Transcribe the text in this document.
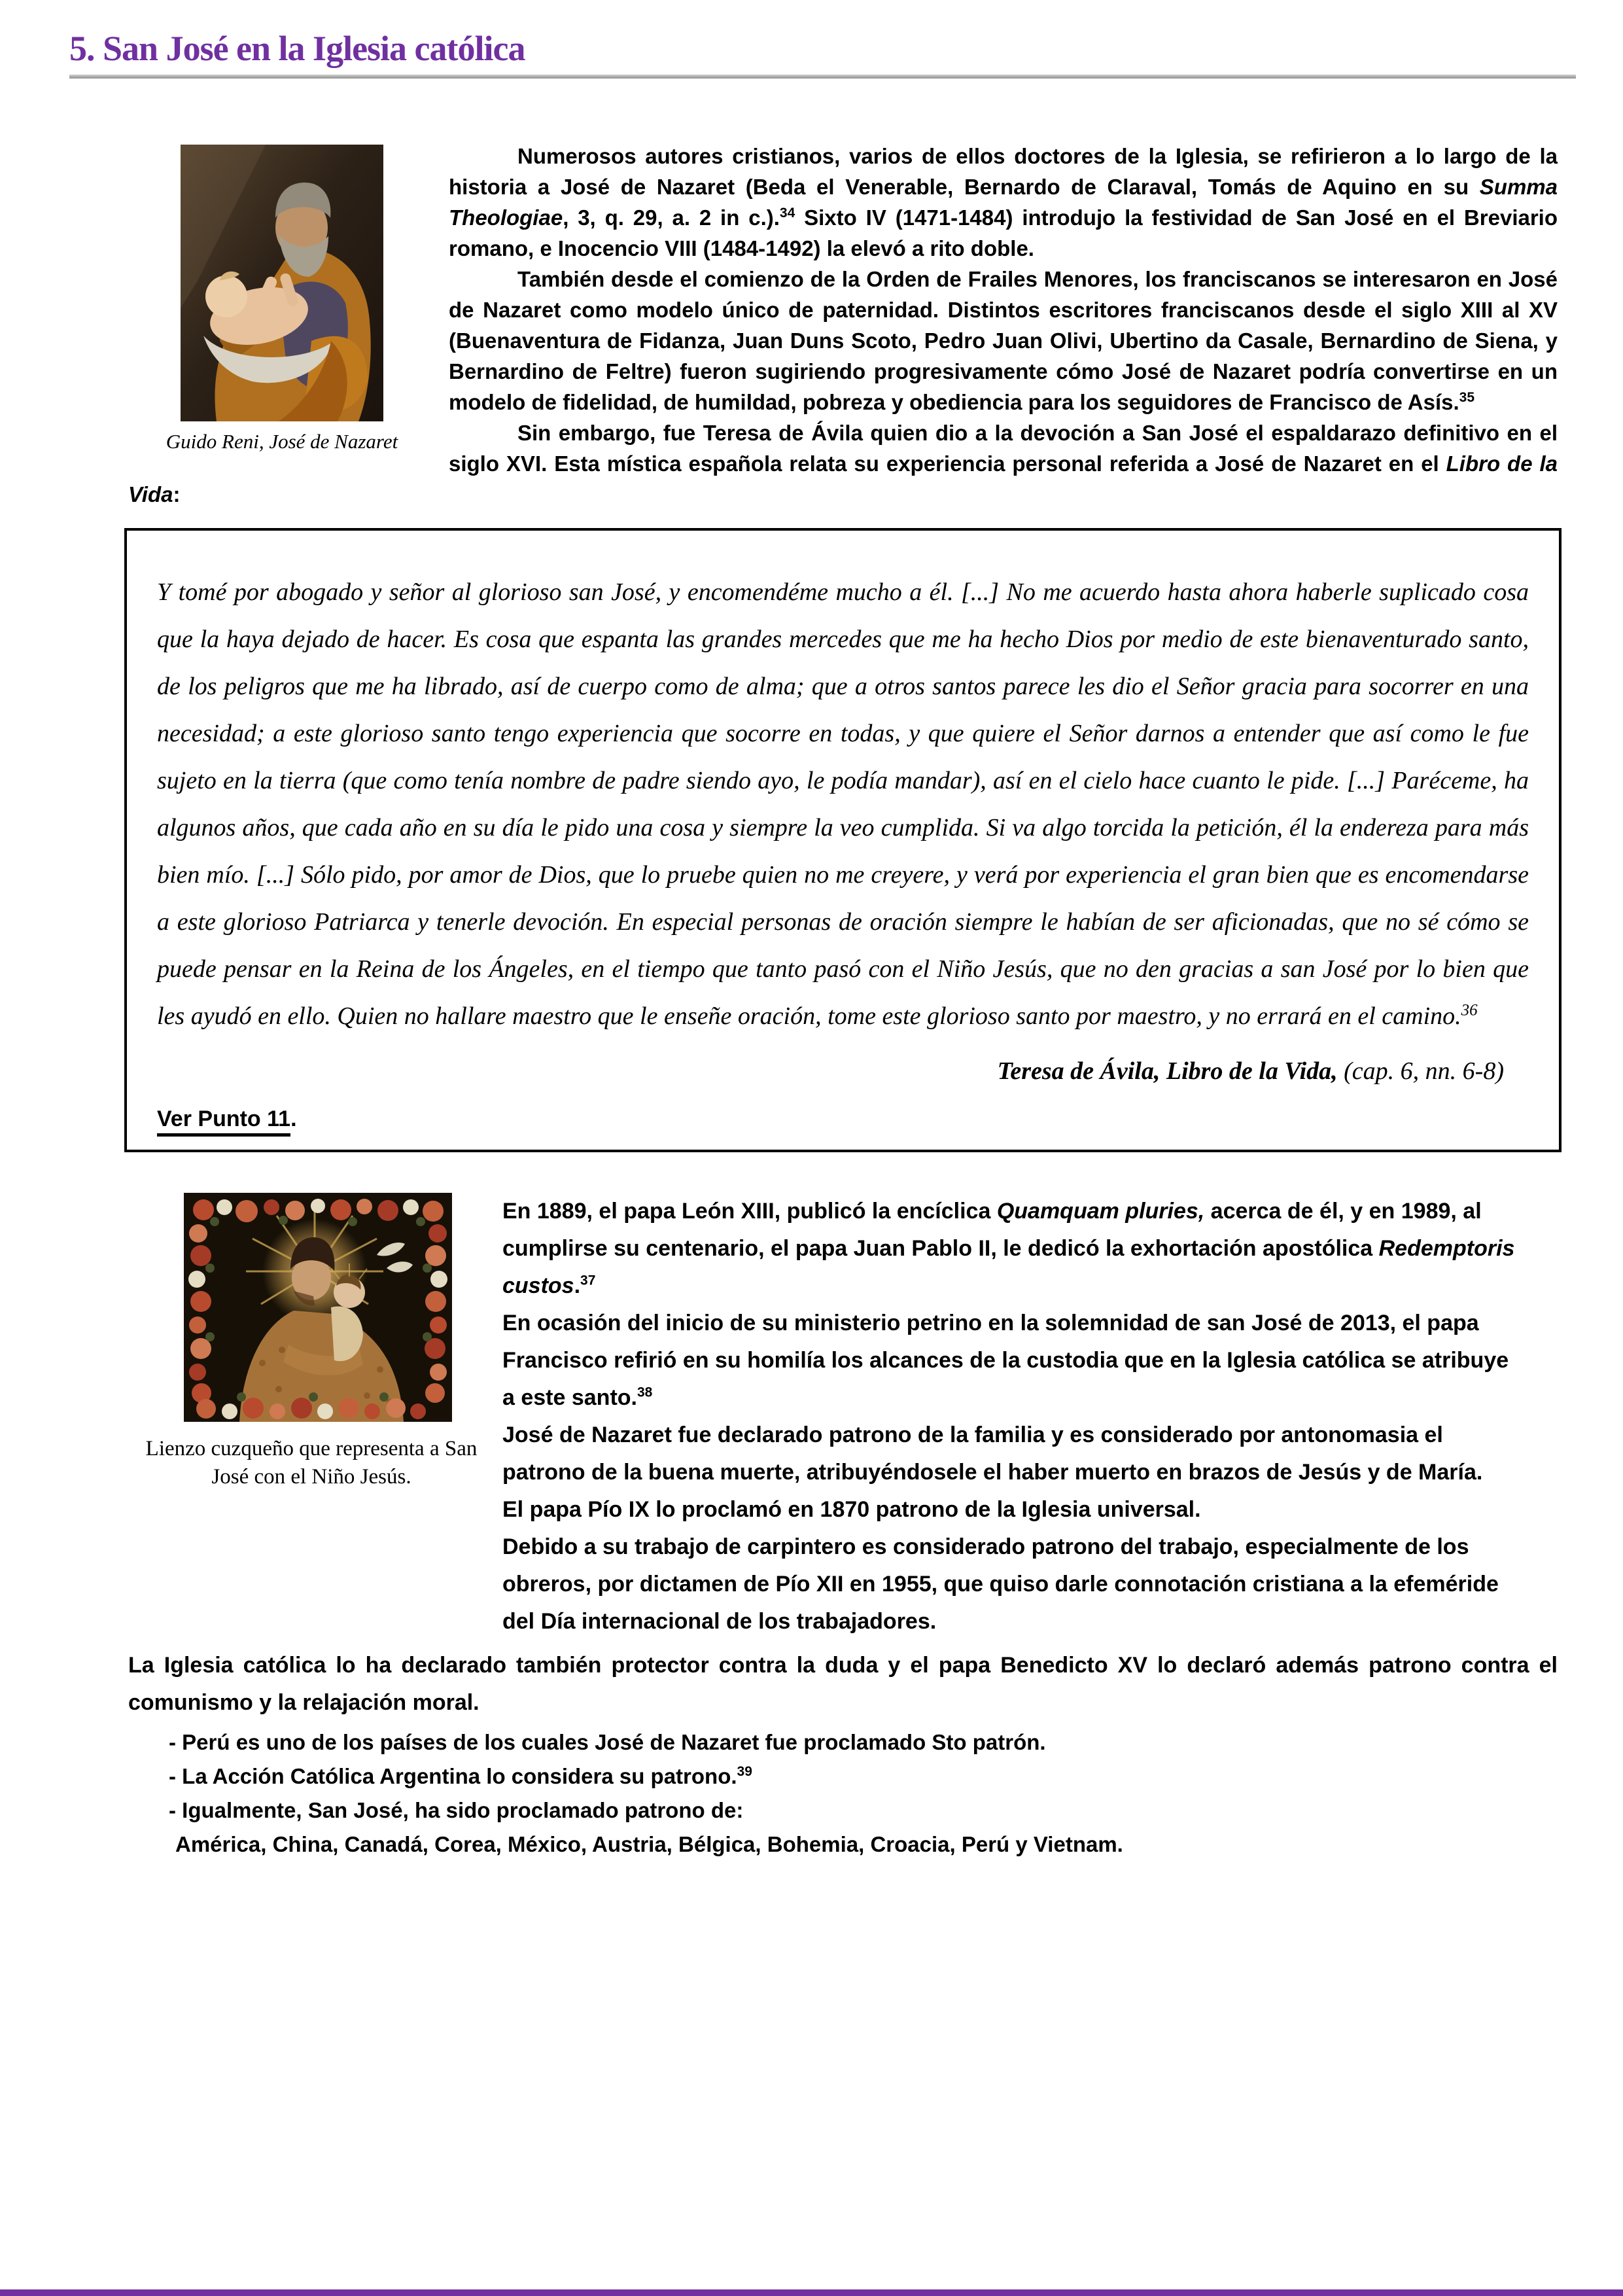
5. San José en la Iglesia católica
Guido Reni, José de Nazaret

Numerosos autores cristianos, varios de ellos doctores de la Iglesia, se refirieron a lo largo de la historia a José de Nazaret (Beda el Venerable, Bernardo de Claraval, Tomás de Aquino en su Summa Theologiae, 3, q. 29, a. 2 in c.).$^{34}$ Sixto IV (1471-1484) introdujo la festividad de San José en el Breviario romano, e Inocencio VIII (1484-1492) la elevó a rito doble.

También desde el comienzo de la Orden de Frailes Menores, los franciscanos se interesaron en José de Nazaret como modelo único de paternidad. Distintos escritores franciscanos desde el siglo XIII al XV (Buenaventura de Fidanza, Juan Duns Scoto, Pedro Juan Olivi, Ubertino da Casale, Bernardino de Siena, y Bernardino de Feltre) fueron sugiriendo progresivamente cómo José de Nazaret podría convertirse en un modelo de fidelidad, de humildad, pobreza y obediencia para los seguidores de Francisco de Asís.$^{35}$

Sin embargo, fue Teresa de Ávila quien dio a la devoción a San José el espaldarazo definitivo en el siglo XVI. Esta mística española relata su experiencia personal referida a José de Nazaret en el Libro de la Vida:

Y tomé por abogado y señor al glorioso san José, y encomendéme mucho a él. [...] No me acuerdo hasta ahora haberle suplicado cosa que la haya dejado de hacer. Es cosa que espanta las grandes mercedes que me ha hecho Dios por medio de este bienaventurado santo, de los peligros que me ha librado, así de cuerpo como de alma; que a otros santos parece les dio el Señor gracia para socorrer en una necesidad; a este glorioso santo tengo experiencia que socorre en todas, y que quiere el Señor darnos a entender que así como le fue sujeto en la tierra (que como tenía nombre de padre siendo ayo, le podía mandar), así en el cielo hace cuanto le pide. [...] Paréceme, ha algunos años, que cada año en su día le pido una cosa y siempre la veo cumplida. Si va algo torcida la petición, él la endereza para más bien mío. [...] Sólo pido, por amor de Dios, que lo pruebe quien no me creyere, y verá por experiencia el gran bien que es encomendarse a este glorioso Patriarca y tenerle devoción. En especial personas de oración siempre le habían de ser aficionadas, que no sé cómo se puede pensar en la Reina de los Ángeles, en el tiempo que tanto pasó con el Niño Jesús, que no den gracias a san José por lo bien que les ayudó en ello. Quien no hallare maestro que le enseñe oración, tome este glorioso santo por maestro, y no errará en el camino.$^{36}$

Teresa de Ávila, Libro de la Vida, (cap. 6, nn. 6-8)

Ver Punto 11.

Lienzo cuzqueño que representa a San José con el Niño Jesús.

En 1889, el papa León XIII, publicó la encíclica Quamquam pluries, acerca de él, y en 1989, al cumplirse su centenario, el papa Juan Pablo II, le dedicó la exhortación apostólica Redemptoris custos.$^{37}$

En ocasión del inicio de su ministerio petrino en la solemnidad de san José de 2013, el papa Francisco refirió en su homilía los alcances de la custodia que en la Iglesia católica se atribuye a este santo.$^{38}$

José de Nazaret fue declarado patrono de la familia y es considerado por antonomasia el patrono de la buena muerte, atribuyéndosele el haber muerto en brazos de Jesús y de María.

El papa Pío IX lo proclamó en 1870 patrono de la Iglesia universal.

Debido a su trabajo de carpintero es considerado patrono del trabajo, especialmente de los obreros, por dictamen de Pío XII en 1955, que quiso darle connotación cristiana a la efeméride del Día internacional de los trabajadores.

La Iglesia católica lo ha declarado también protector contra la duda y el papa Benedicto XV lo declaró además patrono contra el comunismo y la relajación moral.

- Perú es uno de los países de los cuales José de Nazaret fue proclamado Sto patrón.

- La Acción Católica Argentina lo considera su patrono.$^{39}$

- Igualmente, San José, ha sido proclamado patrono de:

América, China, Canadá, Corea, México, Austria, Bélgica, Bohemia, Croacia, Perú y Vietnam.
